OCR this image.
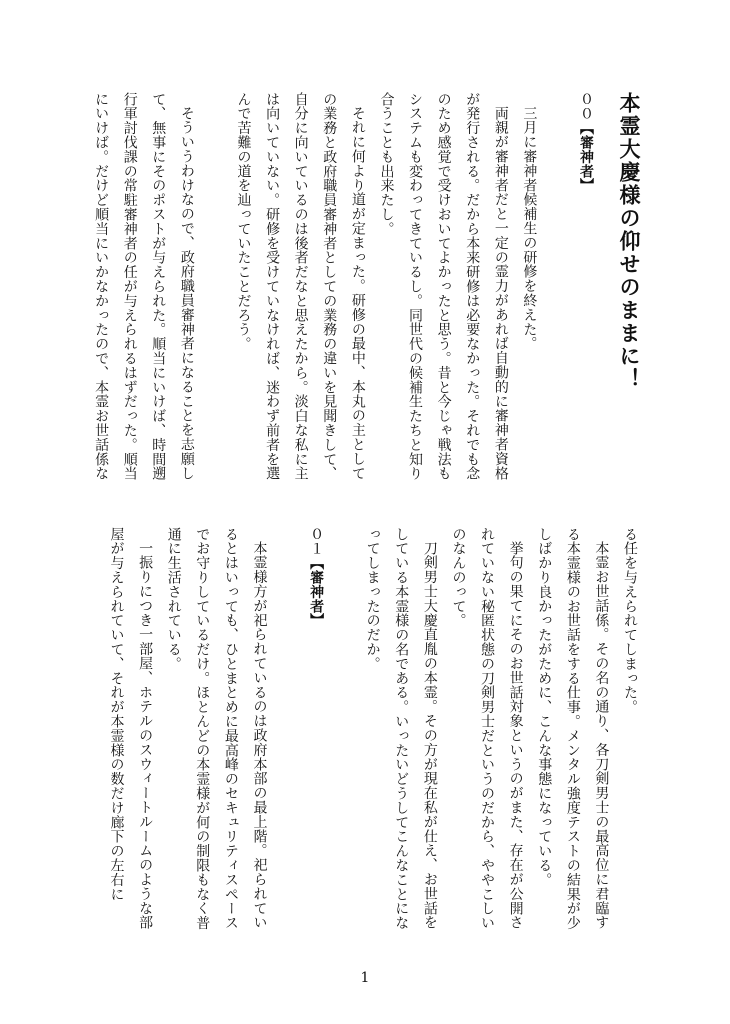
本霊大慶様の仰せのままに！
００【審神者】

三月に審神者候補生の研修を終えた。

両親が審神者だと一定の霊力があれば自動的に審神者資格が発行される。だから本来研修は必要なかった。それでも念のため感覚で受けおいてよかったと思う。昔と今じゃ戦法もシステムも変わってきているし。同世代の候補生たちと知り合うことも出来たし。

それに何より道が定まった。研修の最中、本丸の主としての業務と政府職員審神者としての業務の違いを見聞きして、自分に向いているのは後者だなと思えたから。淡白な私に主は向いていない。研修を受けていなければ、迷わず前者を選んで苦難の道を辿っていたことだろう。

そういうわけなので、政府職員審神者になることを志願して、無事にそのポストが与えられた。順当にいけば、時間遡行軍討伐課の常駐審神者の任が与えられるはずだった。順当にいけば。だけど順当にいかなかったので、本霊お世話係な

る任を与えられてしまった。

本霊お世話係。その名の通り、各刀剣男士の最高位に君臨する本霊様のお世話をする仕事。メンタル強度テストの結果が少しばかり良かったがために、こんな事態になっている。

挙句の果てにそのお世話対象というのがまた、存在が公開されていない秘匿状態の刀剣男士だというのだから、ややこしいのなんのって。

刀剣男士大慶直胤の本霊。その方が現在私が仕え、お世話をしている本霊様の名である。いったいどうしてこんなことになってしまったのだか。

０１【審神者】

本霊様方が祀られているのは政府本部の最上階。祀られているとはいっても、ひとまとめに最高峰のセキュリティスペースでお守りしているだけ。ほとんどの本霊様が何の制限もなく普通に生活されている。

一振りにつき一部屋、ホテルのスウィートルームのような部屋が与えられていて、それが本霊様の数だけ廊下の左右に

1
